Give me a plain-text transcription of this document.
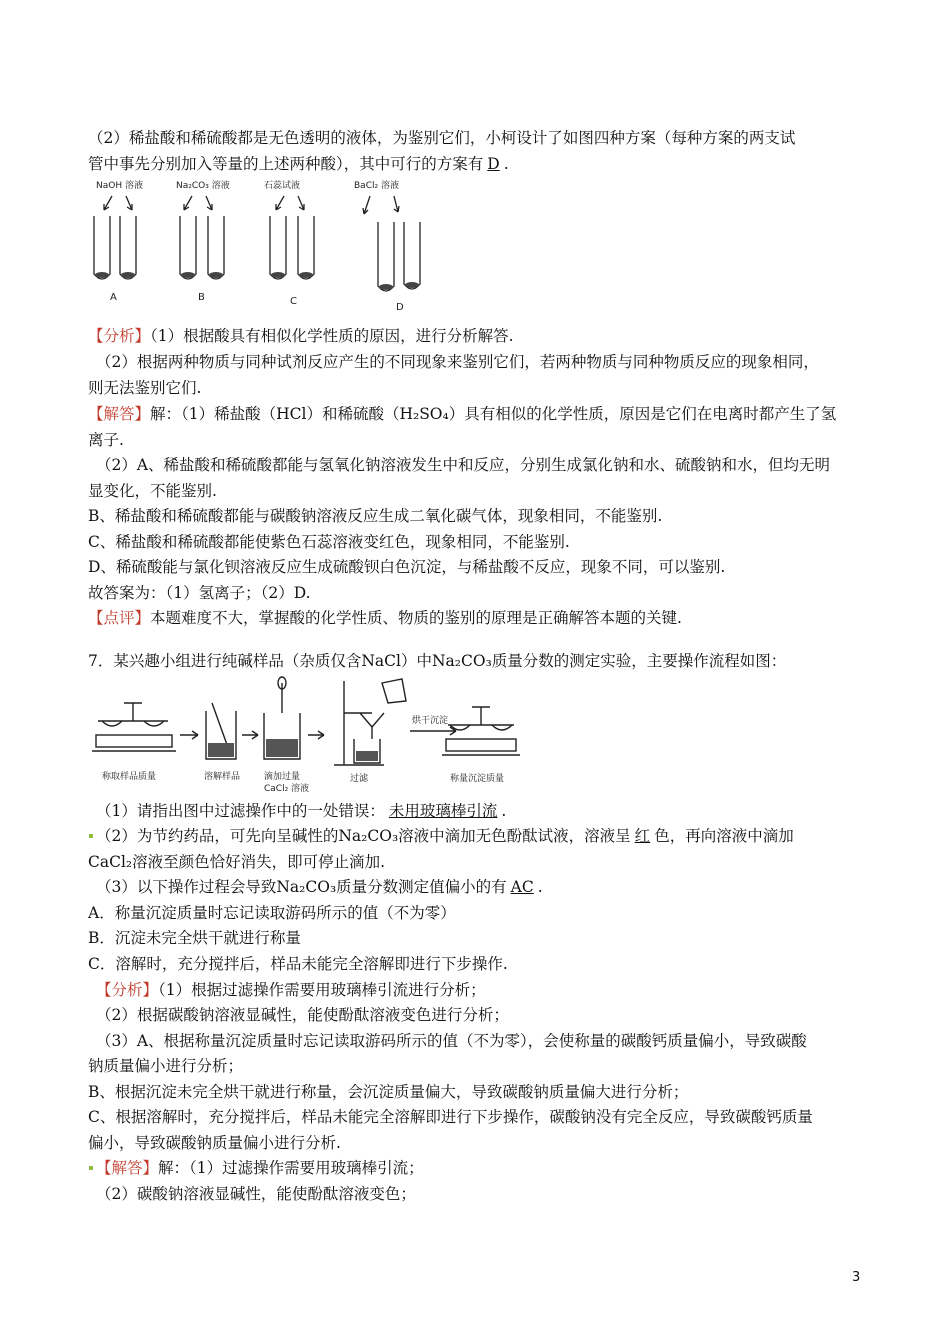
（2）稀盐酸和稀硫酸都是无色透明的液体，为鉴别它们，小柯设计了如图四种方案（每种方案的两支试
管中事先分别加入等量的上述两种酸），其中可行的方案有 D .
NaOH 溶液	Na₂CO₃ 溶液	石蕊试液	BaCl₂ 溶液
A	B	C
D
【分析】（1）根据酸具有相似化学性质的原因，进行分析解答.
（2）根据两种物质与同种试剂反应产生的不同现象来鉴别它们，若两种物质与同种物质反应的现象相同，
则无法鉴别它们.
【解答】解：（1）稀盐酸（HCl）和稀硫酸（H₂SO₄）具有相似的化学性质，原因是它们在电离时都产生了氢
离子.
（2）A、稀盐酸和稀硫酸都能与氢氧化钠溶液发生中和反应，分别生成氯化钠和水、硫酸钠和水，但均无明
显变化，不能鉴别.
B、稀盐酸和稀硫酸都能与碳酸钠溶液反应生成二氧化碳气体，现象相同，不能鉴别.
C、稀盐酸和稀硫酸都能使紫色石蕊溶液变红色，现象相同，不能鉴别.
D、稀硫酸能与氯化钡溶液反应生成硫酸钡白色沉淀，与稀盐酸不反应，现象不同，可以鉴别.
故答案为：（1）氢离子；（2）D.
【点评】本题难度不大，掌握酸的化学性质、物质的鉴别的原理是正确解答本题的关键.
7．某兴趣小组进行纯碱样品（杂质仅含NaCl）中Na₂CO₃质量分数的测定实验，主要操作流程如图：
称取样品质量	溶解样品	滴加过量
CaCl₂ 溶液
过滤
烘干沉淀
称量沉淀质量
（1）请指出图中过滤操作中的一处错误： 未用玻璃棒引流 .
（2）为节约药品，可先向呈碱性的Na₂CO₃溶液中滴加无色酚酞试液，溶液呈 红 色，再向溶液中滴加
CaCl₂溶液至颜色恰好消失，即可停止滴加.
（3）以下操作过程会导致Na₂CO₃质量分数测定值偏小的有 AC .
A．称量沉淀质量时忘记读取游码所示的值（不为零）
B．沉淀未完全烘干就进行称量
C．溶解时，充分搅拌后，样品未能完全溶解即进行下步操作.
【分析】（1）根据过滤操作需要用玻璃棒引流进行分析；
（2）根据碳酸钠溶液显碱性，能使酚酞溶液变色进行分析；
（3）A、根据称量沉淀质量时忘记读取游码所示的值（不为零），会使称量的碳酸钙质量偏小，导致碳酸
钠质量偏小进行分析；
B、根据沉淀未完全烘干就进行称量，会沉淀质量偏大，导致碳酸钠质量偏大进行分析；
C、根据溶解时，充分搅拌后，样品未能完全溶解即进行下步操作，碳酸钠没有完全反应，导致碳酸钙质量
偏小，导致碳酸钠质量偏小进行分析.
【解答】解：（1）过滤操作需要用玻璃棒引流；
（2）碳酸钠溶液显碱性，能使酚酞溶液变色；
3
